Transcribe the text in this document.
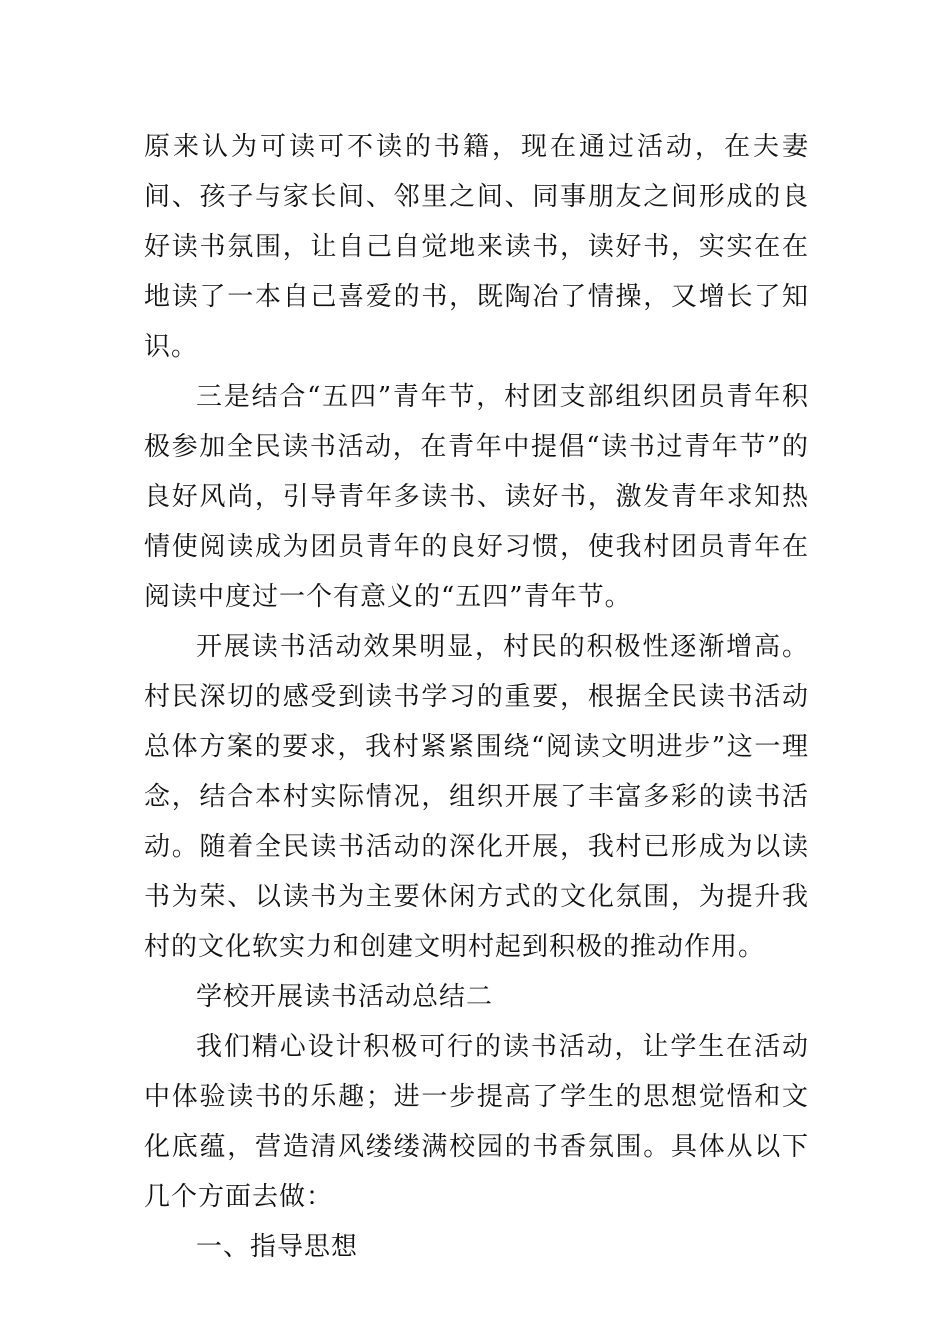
原来认为可读可不读的书籍，现在通过活动，在夫妻间、孩子与家长间、邻里之间、同事朋友之间形成的良好读书氛围，让自己自觉地来读书，读好书，实实在在地读了一本自己喜爱的书，既陶冶了情操，又增长了知识。

三是结合“五四”青年节，村团支部组织团员青年积极参加全民读书活动，在青年中提倡“读书过青年节”的良好风尚，引导青年多读书、读好书，激发青年求知热情使阅读成为团员青年的良好习惯，使我村团员青年在阅读中度过一个有意义的“五四”青年节。

开展读书活动效果明显，村民的积极性逐渐增高。村民深切的感受到读书学习的重要，根据全民读书活动总体方案的要求，我村紧紧围绕“阅读文明进步”这一理念，结合本村实际情况，组织开展了丰富多彩的读书活动。随着全民读书活动的深化开展，我村已形成为以读书为荣、以读书为主要休闲方式的文化氛围，为提升我村的文化软实力和创建文明村起到积极的推动作用。

学校开展读书活动总结二

我们精心设计积极可行的读书活动，让学生在活动中体验读书的乐趣；进一步提高了学生的思想觉悟和文化底蕴，营造清风缕缕满校园的书香氛围。具体从以下几个方面去做：

一、指导思想
